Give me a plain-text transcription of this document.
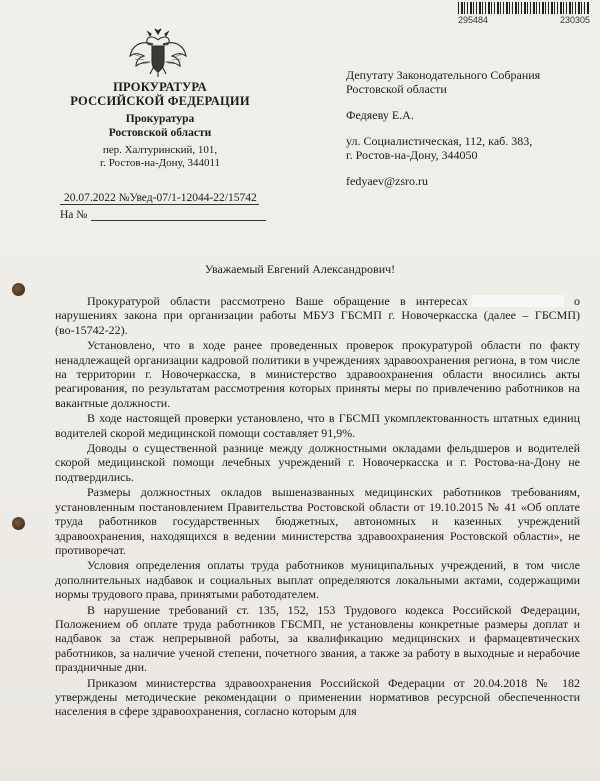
295484	230305
ПРОКУРАТУРА
РОССИЙСКОЙ ФЕДЕРАЦИИ
Прокуратура
Ростовской области
пер. Халтуринский, 101,
г. Ростов-на-Дону, 344011
20.07.2022 №Увед-07/1-12044-22/15742
На №
Депутату Законодательного Собрания
Ростовской области
Федяеву Е.А.
ул. Социалистическая, 112, каб. 383,
г. Ростов-на-Дону, 344050
fedyaev@zsro.ru
Уважаемый Евгений Александрович!

Прокуратурой области рассмотрено Ваше обращение в интересах	о нарушениях закона при организации работы МБУЗ ГБСМП г. Новочеркасска (далее – ГБСМП) (во-15742-22).

Установлено, что в ходе ранее проведенных проверок прокуратурой области по факту ненадлежащей организации кадровой политики в учреждениях здравоохранения региона, в том числе на территории г. Новочеркасска, в министерство здравоохранения области вносились акты реагирования, по результатам рассмотрения которых приняты меры по привлечению работников на вакантные должности.

В ходе настоящей проверки установлено, что в ГБСМП укомплектованность штатных единиц водителей скорой медицинской помощи составляет 91,9%.

Доводы о существенной разнице между должностными окладами фельдшеров и водителей скорой медицинской помощи лечебных учреждений г. Новочеркасска и г. Ростова-на-Дону не подтвердились.

Размеры должностных окладов вышеназванных медицинских работников требованиям, установленным постановлением Правительства Ростовской области от 19.10.2015 № 41 «Об оплате труда работников государственных бюджетных, автономных и казенных учреждений здравоохранения, находящихся в ведении министерства здравоохранения Ростовской области», не противоречат.

Условия определения оплаты труда работников муниципальных учреждений, в том числе дополнительных надбавок и социальных выплат определяются локальными актами, содержащими нормы трудового права, принятыми работодателем.

В нарушение требований ст. 135, 152, 153 Трудового кодекса Российской Федерации, Положением об оплате труда работников ГБСМП, не установлены конкретные размеры доплат и надбавок за стаж непрерывной работы, за квалификацию медицинских и фармацевтических работников, за наличие ученой степени, почетного звания, а также за работу в выходные и нерабочие праздничные дни.

Приказом министерства здравоохранения Российской Федерации от 20.04.2018 № 182 утверждены методические рекомендации о применении нормативов ресурсной обеспеченности населения в сфере здравоохранения, согласно которым для
